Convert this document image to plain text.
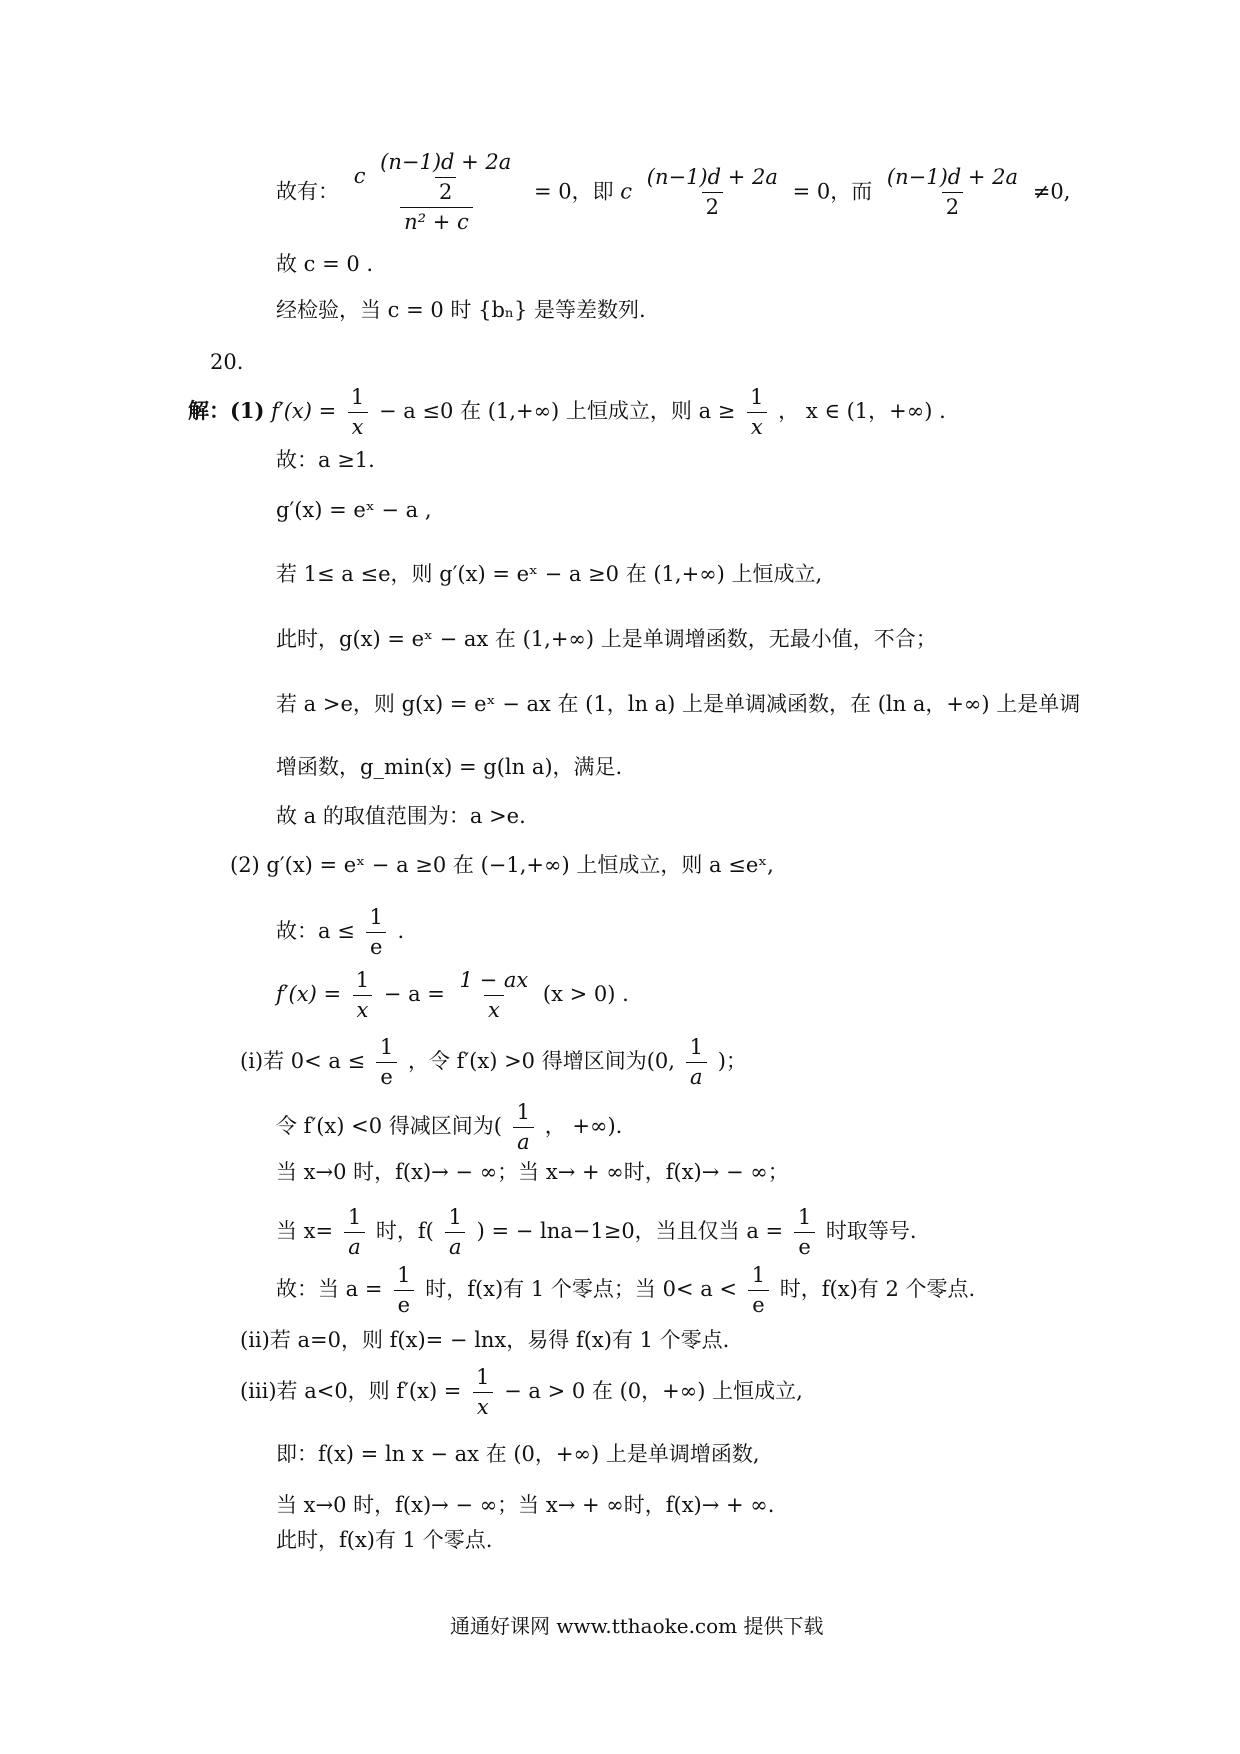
故有： $\frac{c \frac{(n-1)d + 2a}{2}}{\text{n² + c}} = 0$，即 c $\frac{(n-1)d + 2a}{2} = 0$，而 $\frac{(n-1)d + 2a}{2} \ne 0$,
故 c = 0 .
经检验，当 c = 0 时 {bₙ} 是等差数列.
20.
解：(1) $f'(x) = \frac{1}{x} - a \le 0$ 在 (1,+∞) 上恒成立，则 $a \ge \frac{1}{x}$ ， x ∈ (1，+∞) .
故：a ≥1.
g′(x) = eˣ − a ,
若 1≤ a ≤e，则 g′(x) = eˣ − a ≥0 在 (1,+∞) 上恒成立,
此时，g(x) = eˣ − ax 在 (1,+∞) 上是单调增函数，无最小值，不合；
若 a >e，则 g(x) = eˣ − ax 在 (1，ln a) 上是单调减函数，在 (ln a，+∞) 上是单调
增函数，g_min(x) = g(ln a)，满足.
故 a 的取值范围为：a >e.
(2) g′(x) = eˣ − a ≥0 在 (−1,+∞) 上恒成立，则 a ≤eˣ,
故：$a \le \frac{1}{e}$ .
$f'(x) = \frac{1}{x} - a = \frac{1 - ax}{x} (x > 0)$ .
(ⅰ)若 $0< a \le \frac{1}{e}$ ，令 f′(x) >0 得增区间为(0, $\frac{1}{a}$ )；
令 f′(x) <0 得减区间为( $\frac{1}{a}$ ， +∞).
当 x→0 时，f(x)→ − ∞；当 x→ + ∞时，f(x)→ − ∞；
当 $x= \frac{1}{a}$ 时，$f( \frac{1}{a}$ ) = − lna−1≥0，当且仅当 $a = \frac{1}{e}$ 时取等号.
故：当 $a = \frac{1}{e}$ 时，f(x)有 1 个零点；当 $0< a < \frac{1}{e}$ 时，f(x)有 2 个零点.
(ⅱ)若 a=0，则 f(x)= − lnx，易得 f(x)有 1 个零点.
(ⅲ)若 a<0，则 $f'(x) = \frac{1}{x} - a > 0$ 在 (0，+∞) 上恒成立,
即：f(x) = ln x − ax 在 (0，+∞) 上是单调增函数,
当 x→0 时，f(x)→ − ∞；当 x→ + ∞时，f(x)→ + ∞.
此时，f(x)有 1 个零点.
通通好课网 www.tthaoke.com 提供下载
